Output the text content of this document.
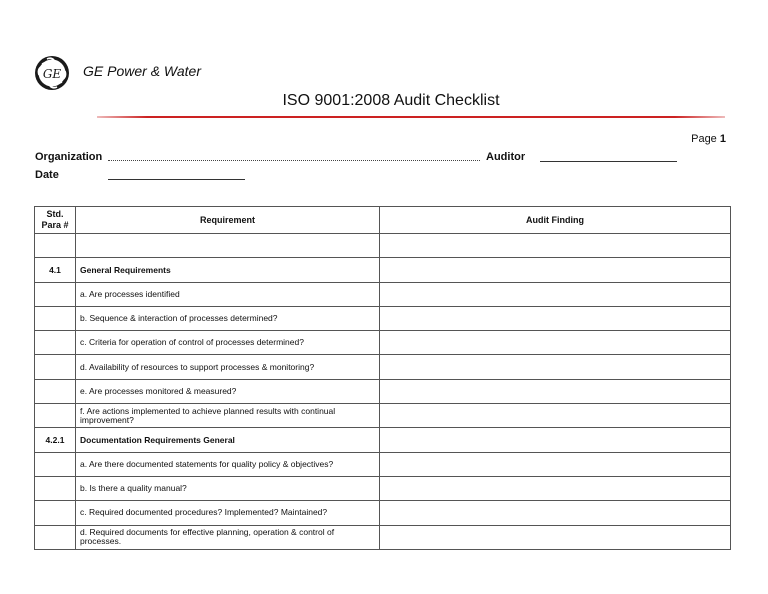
GE GE Power & Water
ISO 9001:2008 Audit Checklist
Page 1
Organization	Auditor
Date
Std. Para #	Requirement	Audit Finding

4.1	General Requirements	
	a. Are processes identified	
	b. Sequence & interaction of processes determined?	
	c. Criteria for operation of control of processes determined?	
	d. Availability of resources to support processes & monitoring?	
	e. Are processes monitored & measured?	
	f. Are actions implemented to achieve planned results with continual improvement?	
4.2.1	Documentation Requirements General	
	a. Are there documented statements for quality policy & objectives?	
	b. Is there a quality manual?	
	c. Required documented procedures? Implemented? Maintained?	
	d. Required documents for effective planning, operation & control of processes.	
